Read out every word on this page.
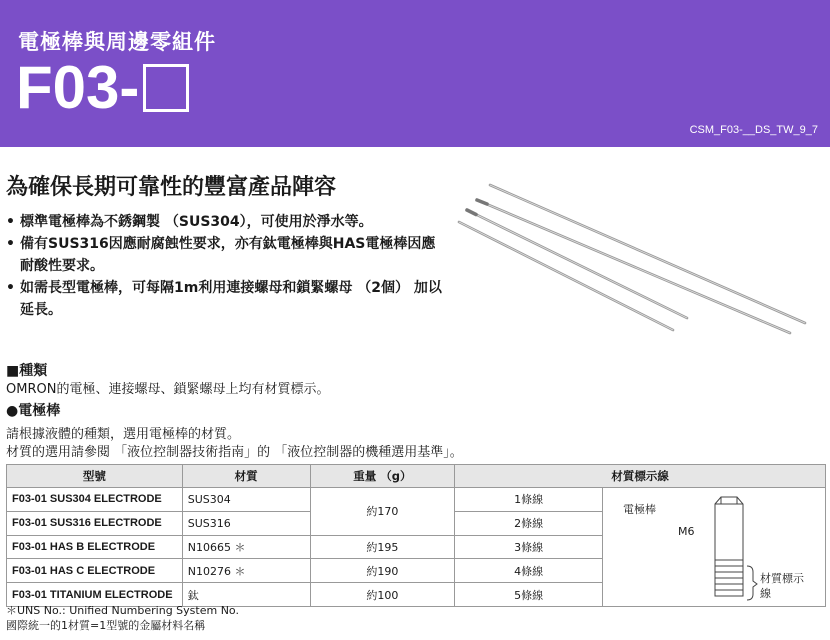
電極棒與周邊零組件
F03-
CSM_F03-__DS_TW_9_7
為確保長期可靠性的豐富產品陣容
• 標準電極棒為不銹鋼製 （SUS304），可使用於淨水等。
• 備有SUS316因應耐腐蝕性要求，亦有鈦電極棒與HAS電極棒因應耐酸性要求。
• 如需長型電極棒，可每隔1m利用連接螺母和鎖緊螺母 （2個） 加以延長。
■種類
OMRON的電極、連接螺母、鎖緊螺母上均有材質標示。
●電極棒
請根據液體的種類，選用電極棒的材質。
材質的選用請參閱 「液位控制器技術指南」的 「液位控制器的機種選用基準」。
型號	材質	重量 （g）	材質標示線	
F03-01 SUS304 ELECTRODE	SUS304	約170	1條線	電極棒
M6
材質標示
線

F03-01 SUS316 ELECTRODE	SUS316		2條線	
F03-01 HAS B ELECTRODE	N10665 ＊	約195	3條線	
F03-01 HAS C ELECTRODE	N10276 ＊	約190	4條線	
F03-01 TITANIUM ELECTRODE	鈦	約100	5條線	
＊UNS No.: Unified Numbering System No.
國際統一的1材質=1型號的金屬材料名稱
